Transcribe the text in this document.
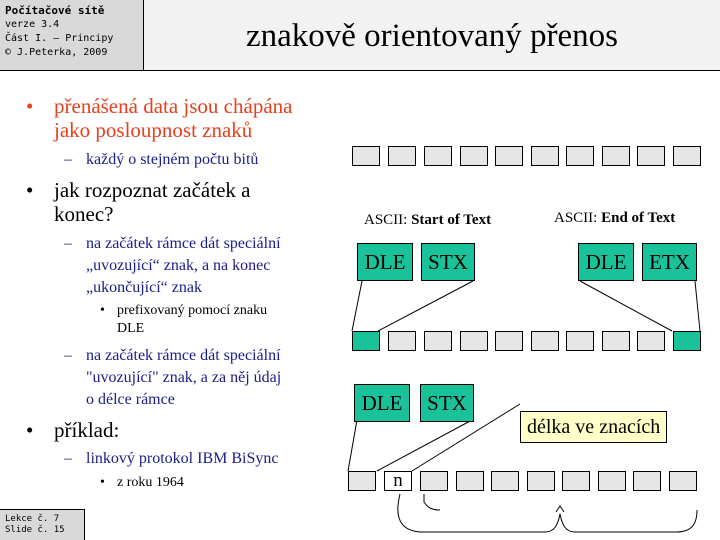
Počítačové sítě
verze 3.4
Část I. – Principy
© J.Peterka, 2009	znakově orientovaný přenos
• přenášená data jsou chápána
jako posloupnost znaků
– každý o stejném počtu bitů
• jak rozpoznat začátek a
konec?
– na začátek rámce dát speciální
„uvozující“ znak, a na konec
„ukončující“ znak
• prefixovaný pomocí znaku
DLE
– na začátek rámce dát speciální
"uvozující" znak, a za něj údaj
o délce rámce
• příklad:
– linkový protokol IBM BiSync
• z roku 1964
ASCII: Start of Text	ASCII: End of Text
DLE	STX	DLE	ETX
DLE	STX
délka ve znacích
n
Lekce č. 7
Slide č. 15
